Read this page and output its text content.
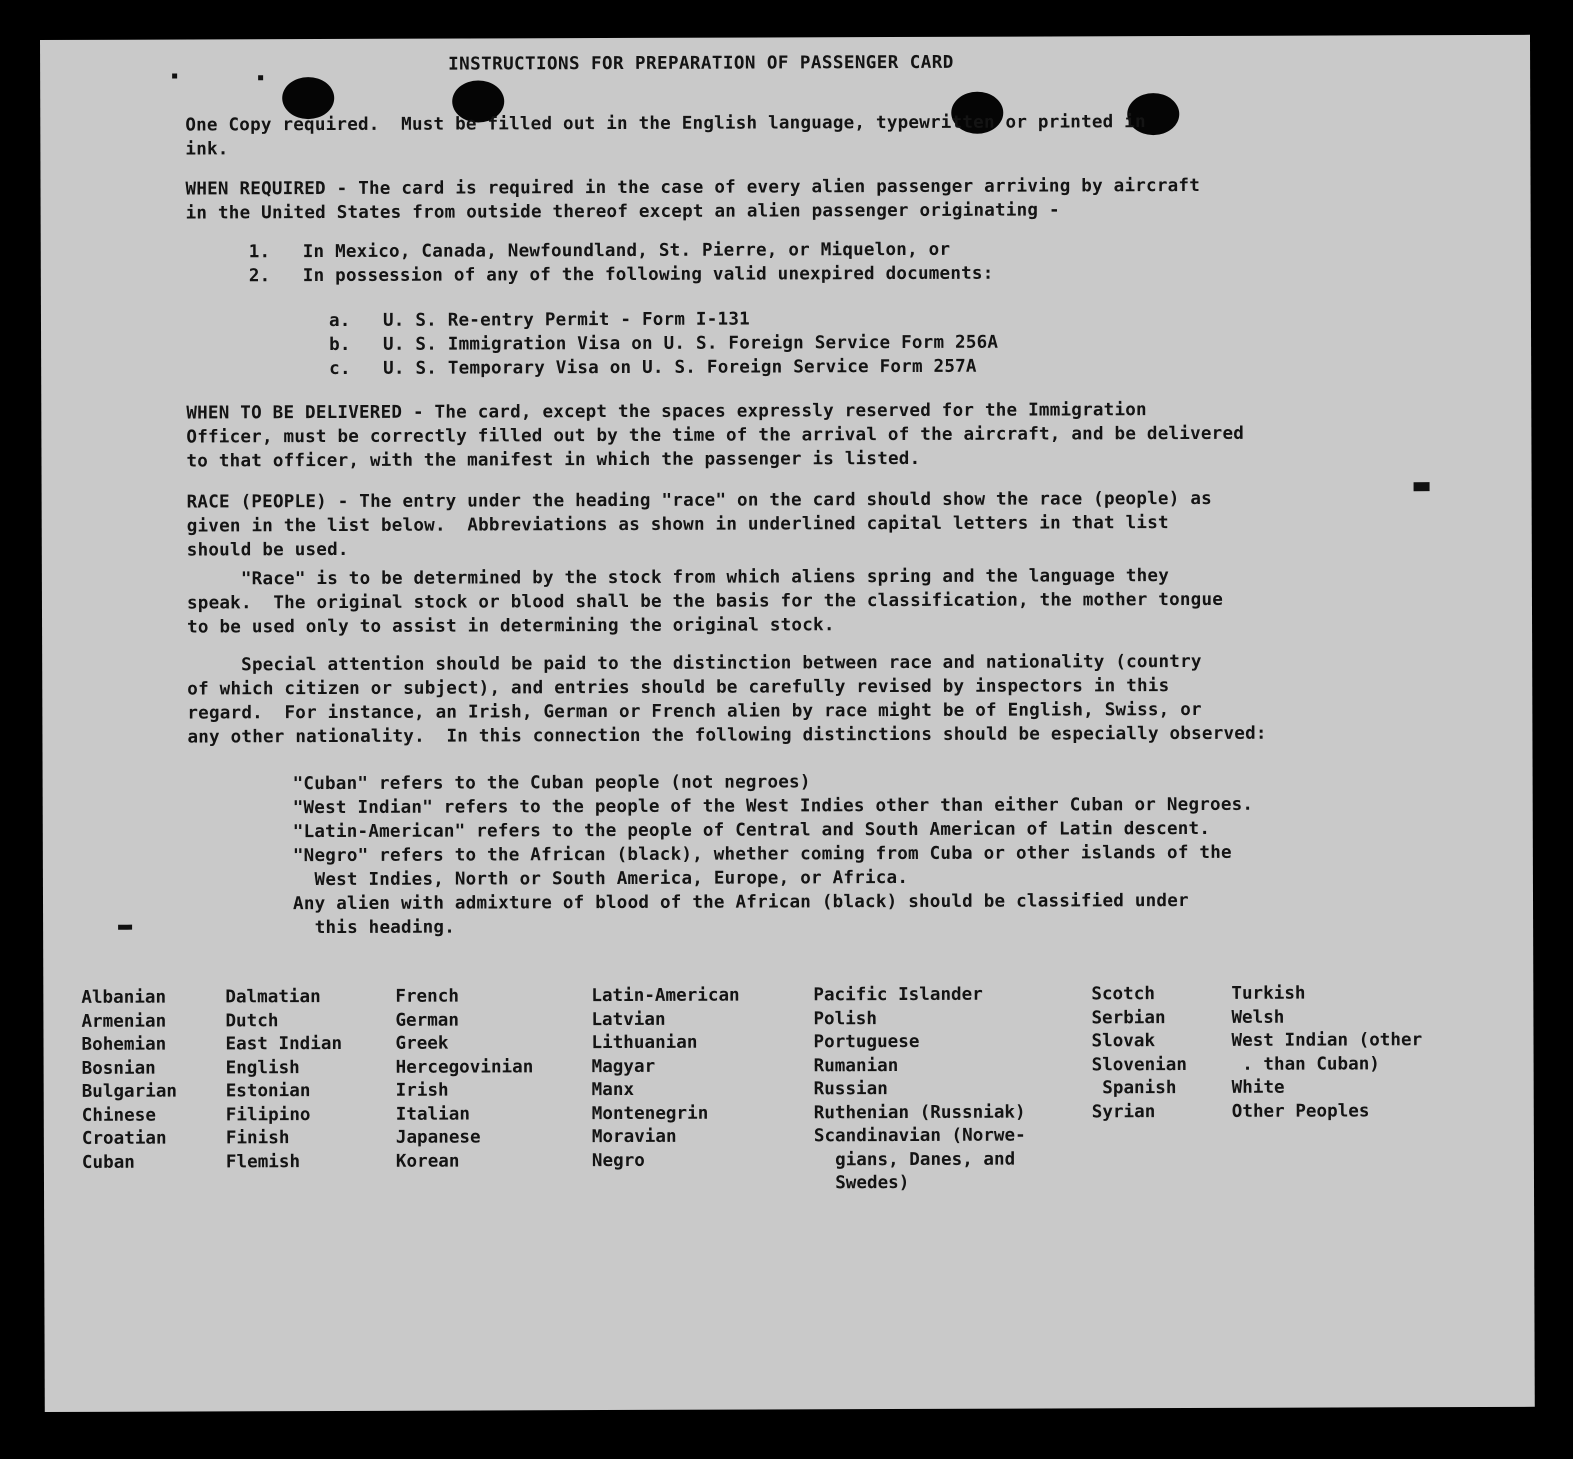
INSTRUCTIONS FOR PREPARATION OF PASSENGER CARD
One Copy required.  Must be filled out in the English language, typewritten or printed in
ink.
WHEN REQUIRED - The card is required in the case of every alien passenger arriving by aircraft
in the United States from outside thereof except an alien passenger originating -
1.   In Mexico, Canada, Newfoundland, St. Pierre, or Miquelon, or
2.   In possession of any of the following valid unexpired documents:
a.   U. S. Re-entry Permit - Form I-131
b.   U. S. Immigration Visa on U. S. Foreign Service Form 256A
c.   U. S. Temporary Visa on U. S. Foreign Service Form 257A
WHEN TO BE DELIVERED - The card, except the spaces expressly reserved for the Immigration
Officer, must be correctly filled out by the time of the arrival of the aircraft, and be delivered
to that officer, with the manifest in which the passenger is listed.
RACE (PEOPLE) - The entry under the heading "race" on the card should show the race (people) as
given in the list below.  Abbreviations as shown in underlined capital letters in that list
should be used.
"Race" is to be determined by the stock from which aliens spring and the language they
speak.  The original stock or blood shall be the basis for the classification, the mother tongue
to be used only to assist in determining the original stock.
Special attention should be paid to the distinction between race and nationality (country
of which citizen or subject), and entries should be carefully revised by inspectors in this
regard.  For instance, an Irish, German or French alien by race might be of English, Swiss, or
any other nationality.  In this connection the following distinctions should be especially observed:
"Cuban" refers to the Cuban people (not negroes)
"West Indian" refers to the people of the West Indies other than either Cuban or Negroes.
"Latin-American" refers to the people of Central and South American of Latin descent.
"Negro" refers to the African (black), whether coming from Cuba or other islands of the
West Indies, North or South America, Europe, or Africa.
Any alien with admixture of blood of the African (black) should be classified under
this heading.
Albanian
Armenian
Bohemian
Bosnian
Bulgarian
Chinese
Croatian
Cuban
Dalmatian
Dutch
East Indian
English
Estonian
Filipino
Finish
Flemish
French
German
Greek
Hercegovinian
Irish
Italian
Japanese
Korean
Latin-American
Latvian
Lithuanian
Magyar
Manx
Montenegrin
Moravian
Negro
Pacific Islander
Polish
Portuguese
Rumanian
Russian
Ruthenian (Russniak)
Scandinavian (Norwe-
gians, Danes, and
Swedes)
Scotch
Serbian
Slovak
Slovenian
Spanish
Syrian
Turkish
Welsh
West Indian (other
. than Cuban)
White
Other Peoples
